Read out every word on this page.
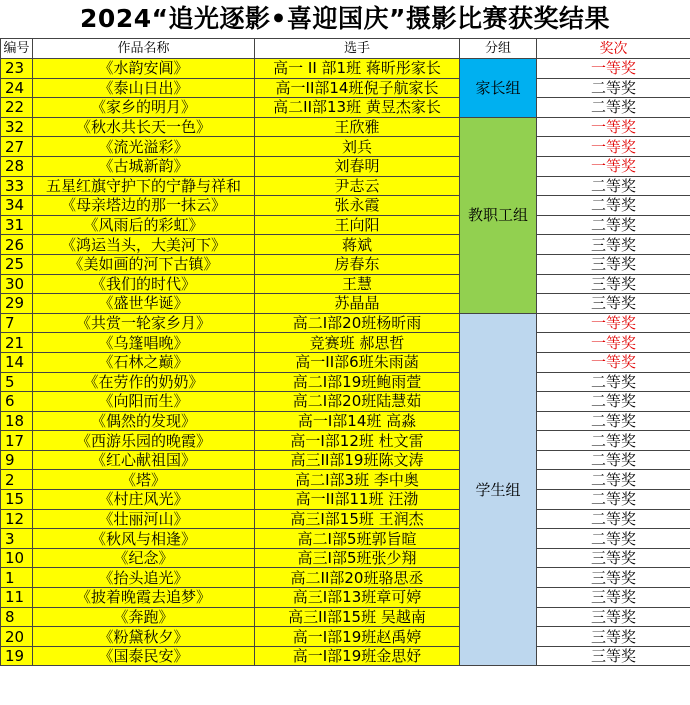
2024“追光逐影•喜迎国庆”摄影比赛获奖结果
编号	作品名称	选手	分组	奖次
23	《水韵安阊》	高一 II 部1班 蒋昕彤家长	家长组	一等奖
24	《泰山日出》	高一II部14班倪子航家长		二等奖
22	《家乡的明月》	高二II部13班 黄昱杰家长		二等奖
32	《秋水共长天一色》	王欣雅	教职工组	一等奖
27	《流光溢彩》	刘兵		一等奖
28	《古城新韵》	刘春明		一等奖
33	五星红旗守护下的宁静与祥和	尹志云		二等奖
34	《母亲塔边的那一抹云》	张永霞		二等奖
31	《风雨后的彩虹》	王向阳		二等奖
26	《鸿运当头，大美河下》	蒋斌		三等奖
25	《美如画的河下古镇》	房春东		三等奖
30	《我们的时代》	王慧		三等奖
29	《盛世华诞》	苏晶晶		三等奖
7	《共赏一轮家乡月》	高二I部20班杨昕雨	学生组	一等奖
21	《乌篷唱晚》	竞赛班 郝思哲		一等奖
14	《石林之巅》	高一II部6班朱雨菡		一等奖
5	《在劳作的奶奶》	高二I部19班鲍雨萱		二等奖
6	《向阳而生》	高二I部20班陆慧茹		二等奖
18	《偶然的发现》	高一I部14班 高淼		二等奖
17	《西游乐园的晚霞》	高一I部12班 杜文雷		二等奖
9	《红心献祖国》	高三II部19班陈文涛		二等奖
2	《塔》	高二I部3班 李中奥		二等奖
15	《村庄风光》	高一II部11班 汪渤		二等奖
12	《壮丽河山》	高三I部15班 王润杰		二等奖
3	《秋风与相逢》	高二I部5班郭旨暄		二等奖
10	《纪念》	高三I部5班张少翔		三等奖
1	《抬头追光》	高二II部20班骆思丞		三等奖
11	《披着晚霞去追梦》	高三I部13班章可婷		三等奖
8	《奔跑》	高三II部15班 吴越南		三等奖
20	《粉黛秋夕》	高一I部19班赵禹婷		三等奖
19	《国泰民安》	高一I部19班金思妤		三等奖
